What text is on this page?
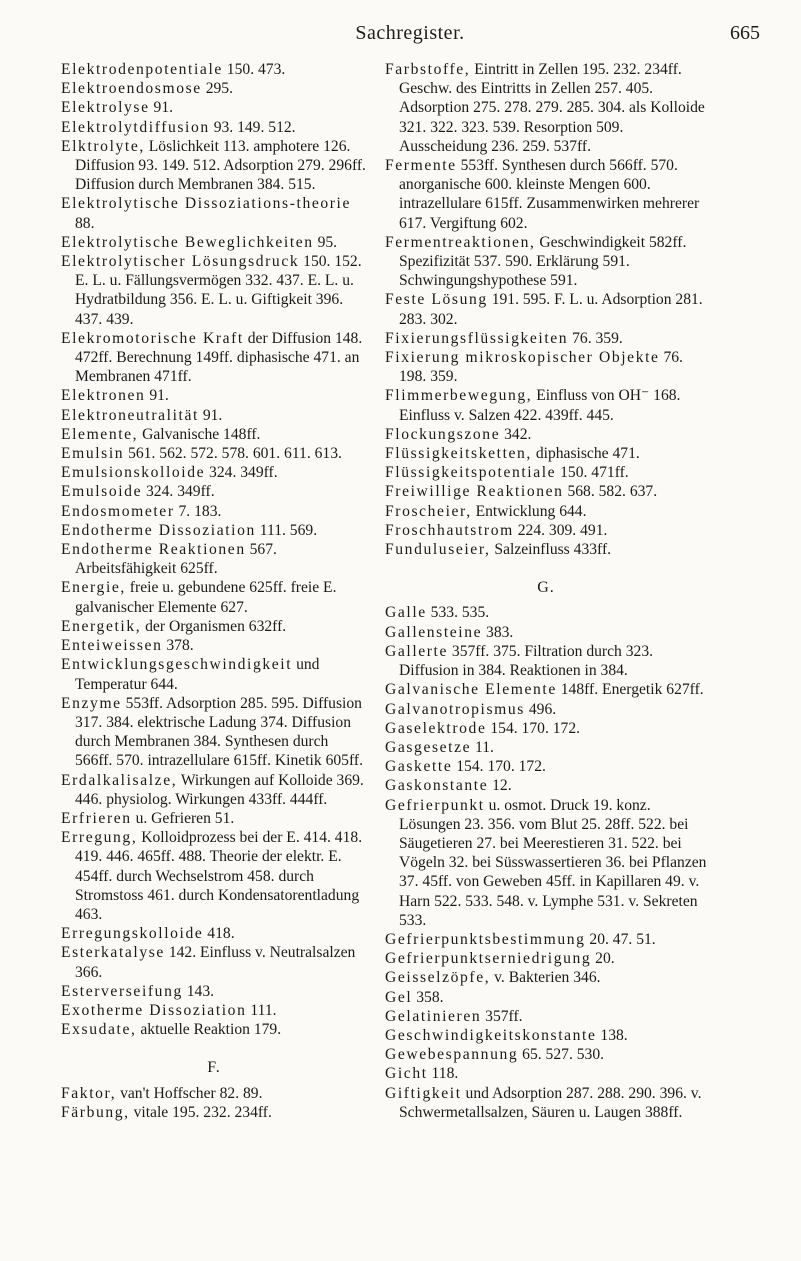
Sachregister.	665

Elektrodenpotentiale 150. 473.

Elektroendosmose 295.

Elektrolyse 91.

Elektrolytdiffusion 93. 149. 512.

Elktrolyte, Löslichkeit 113. amphotere 126. Diffusion 93. 149. 512. Adsorption 279. 296ff. Diffusion durch Membranen 384. 515.

Elektrolytische Dissoziations-theorie 88.

Elektrolytische Beweglichkeiten 95.

Elektrolytischer Lösungsdruck 150. 152. E. L. u. Fällungsvermögen 332. 437. E. L. u. Hydratbildung 356. E. L. u. Giftigkeit 396. 437. 439.

Elekromotorische Kraft der Diffusion 148. 472ff. Berechnung 149ff. diphasische 471. an Membranen 471ff.

Elektronen 91.

Elektroneutralität 91.

Elemente, Galvanische 148ff.

Emulsin 561. 562. 572. 578. 601. 611. 613.

Emulsionskolloide 324. 349ff.

Emulsoide 324. 349ff.

Endosmometer 7. 183.

Endotherme Dissoziation 111. 569.

Endotherme Reaktionen 567. Arbeitsfähigkeit 625ff.

Energie, freie u. gebundene 625ff. freie E. galvanischer Elemente 627.

Energetik, der Organismen 632ff.

Enteiweissen 378.

Entwicklungsgeschwindigkeit und Temperatur 644.

Enzyme 553ff. Adsorption 285. 595. Diffusion 317. 384. elektrische Ladung 374. Diffusion durch Membranen 384. Synthesen durch 566ff. 570. intrazellulare 615ff. Kinetik 605ff.

Erdalkalisalze, Wirkungen auf Kolloide 369. 446. physiolog. Wirkungen 433ff. 444ff.

Erfrieren u. Gefrieren 51.

Erregung, Kolloidprozess bei der E. 414. 418. 419. 446. 465ff. 488. Theorie der elektr. E. 454ff. durch Wechselstrom 458. durch Stromstoss 461. durch Kondensatorentladung 463.

Erregungskolloide 418.

Esterkatalyse 142. Einfluss v. Neutralsalzen 366.

Esterverseifung 143.

Exotherme Dissoziation 111.

Exsudate, aktuelle Reaktion 179.

F.

Faktor, van't Hoffscher 82. 89.

Färbung, vitale 195. 232. 234ff.

Farbstoffe, Eintritt in Zellen 195. 232. 234ff. Geschw. des Eintritts in Zellen 257. 405. Adsorption 275. 278. 279. 285. 304. als Kolloide 321. 322. 323. 539. Resorption 509. Ausscheidung 236. 259. 537ff.

Fermente 553ff. Synthesen durch 566ff. 570. anorganische 600. kleinste Mengen 600. intrazellulare 615ff. Zusammenwirken mehrerer 617. Vergiftung 602.

Fermentreaktionen, Geschwindigkeit 582ff. Spezifizität 537. 590. Erklärung 591. Schwingungshypothese 591.

Feste Lösung 191. 595. F. L. u. Adsorption 281. 283. 302.

Fixierungsflüssigkeiten 76. 359.

Fixierung mikroskopischer Objekte 76. 198. 359.

Flimmerbewegung, Einfluss von OH⁻ 168. Einfluss v. Salzen 422. 439ff. 445.

Flockungszone 342.

Flüssigkeitsketten, diphasische 471.

Flüssigkeitspotentiale 150. 471ff.

Freiwillige Reaktionen 568. 582. 637.

Froscheier, Entwicklung 644.

Froschhautstrom 224. 309. 491.

Funduluseier, Salzeinfluss 433ff.

G.

Galle 533. 535.

Gallensteine 383.

Gallerte 357ff. 375. Filtration durch 323. Diffusion in 384. Reaktionen in 384.

Galvanische Elemente 148ff. Energetik 627ff.

Galvanotropismus 496.

Gaselektrode 154. 170. 172.

Gasgesetze 11.

Gaskette 154. 170. 172.

Gaskonstante 12.

Gefrierpunkt u. osmot. Druck 19. konz. Lösungen 23. 356. vom Blut 25. 28ff. 522. bei Säugetieren 27. bei Meerestieren 31. 522. bei Vögeln 32. bei Süsswassertieren 36. bei Pflanzen 37. 45ff. von Geweben 45ff. in Kapillaren 49. v. Harn 522. 533. 548. v. Lymphe 531. v. Sekreten 533.

Gefrierpunktsbestimmung 20. 47. 51.

Gefrierpunktserniedrigung 20.

Geisselzöpfe, v. Bakterien 346.

Gel 358.

Gelatinieren 357ff.

Geschwindigkeitskonstante 138.

Gewebespannung 65. 527. 530.

Gicht 118.

Giftigkeit und Adsorption 287. 288. 290. 396. v. Schwermetallsalzen, Säuren u. Laugen 388ff.
